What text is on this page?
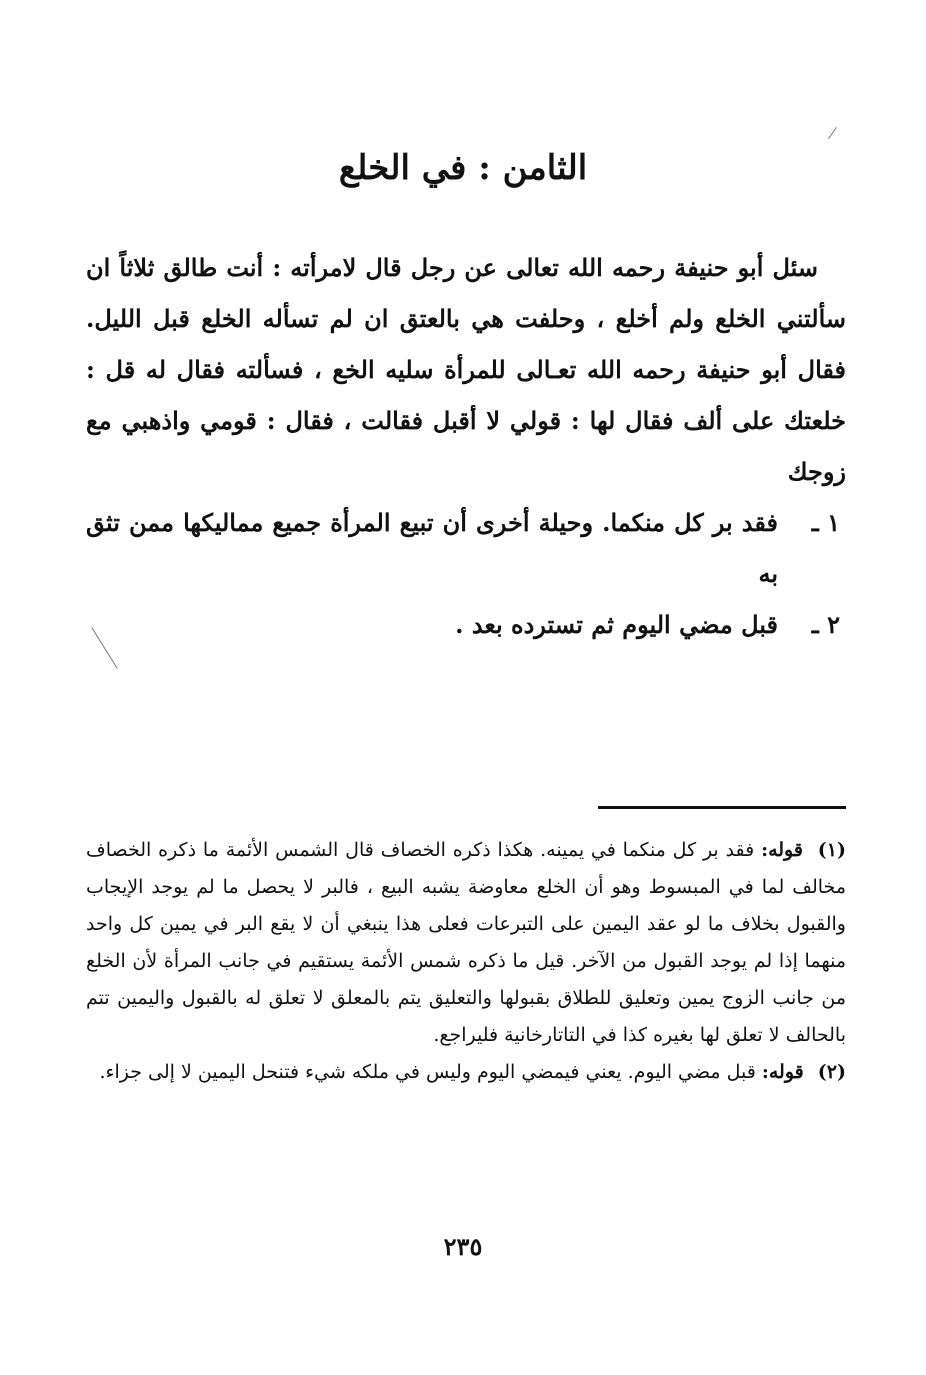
الثامن : في الخلع

سئل أبو حنيفة رحمه الله تعالى عن رجل قال لامرأته : أنت طالق ثلاثاً ان سألتني الخلع ولم أخلع ، وحلفت هي بالعتق ان لم تسأله الخلع قبل الليل. فقال أبو حنيفة رحمه الله تعـالى للمرأة سليه الخع ، فسألته فقال له قل : خلعتك على ألف فقال لها : قولي لا أقبل فقالت ، فقال : قومي واذهبي مع زوجك

١ ـ
فقد بر كل منكما. وحيلة أخرى أن تبيع المرأة جميع مماليكها ممن تثق به
٢ ـ
قبل مضي اليوم ثم تسترده بعد .

(١) قوله: فقد بر كل منكما في يمينه. هكذا ذكره الخصاف قال الشمس الأئمة ما ذكره الخصاف مخالف لما في المبسوط وهو أن الخلع معاوضة يشبه البيع ، فالبر لا يحصل ما لم يوجد الإيجاب والقبول بخلاف ما لو عقد اليمين على التبرعات فعلى هذا ينبغي أن لا يقع البر في يمين كل واحد منهما إذا لم يوجد القبول من الآخر. قيل ما ذكره شمس الأئمة يستقيم في جانب المرأة لأن الخلع من جانب الزوج يمين وتعليق للطلاق بقبولها والتعليق يتم بالمعلق لا تعلق له بالقبول واليمين تتم بالحالف لا تعلق لها بغيره كذا في التاتارخانية فليراجع.

(٢) قوله: قبل مضي اليوم. يعني فيمضي اليوم وليس في ملكه شيء فتنحل اليمين لا إلى جزاء.

٢٣٥
